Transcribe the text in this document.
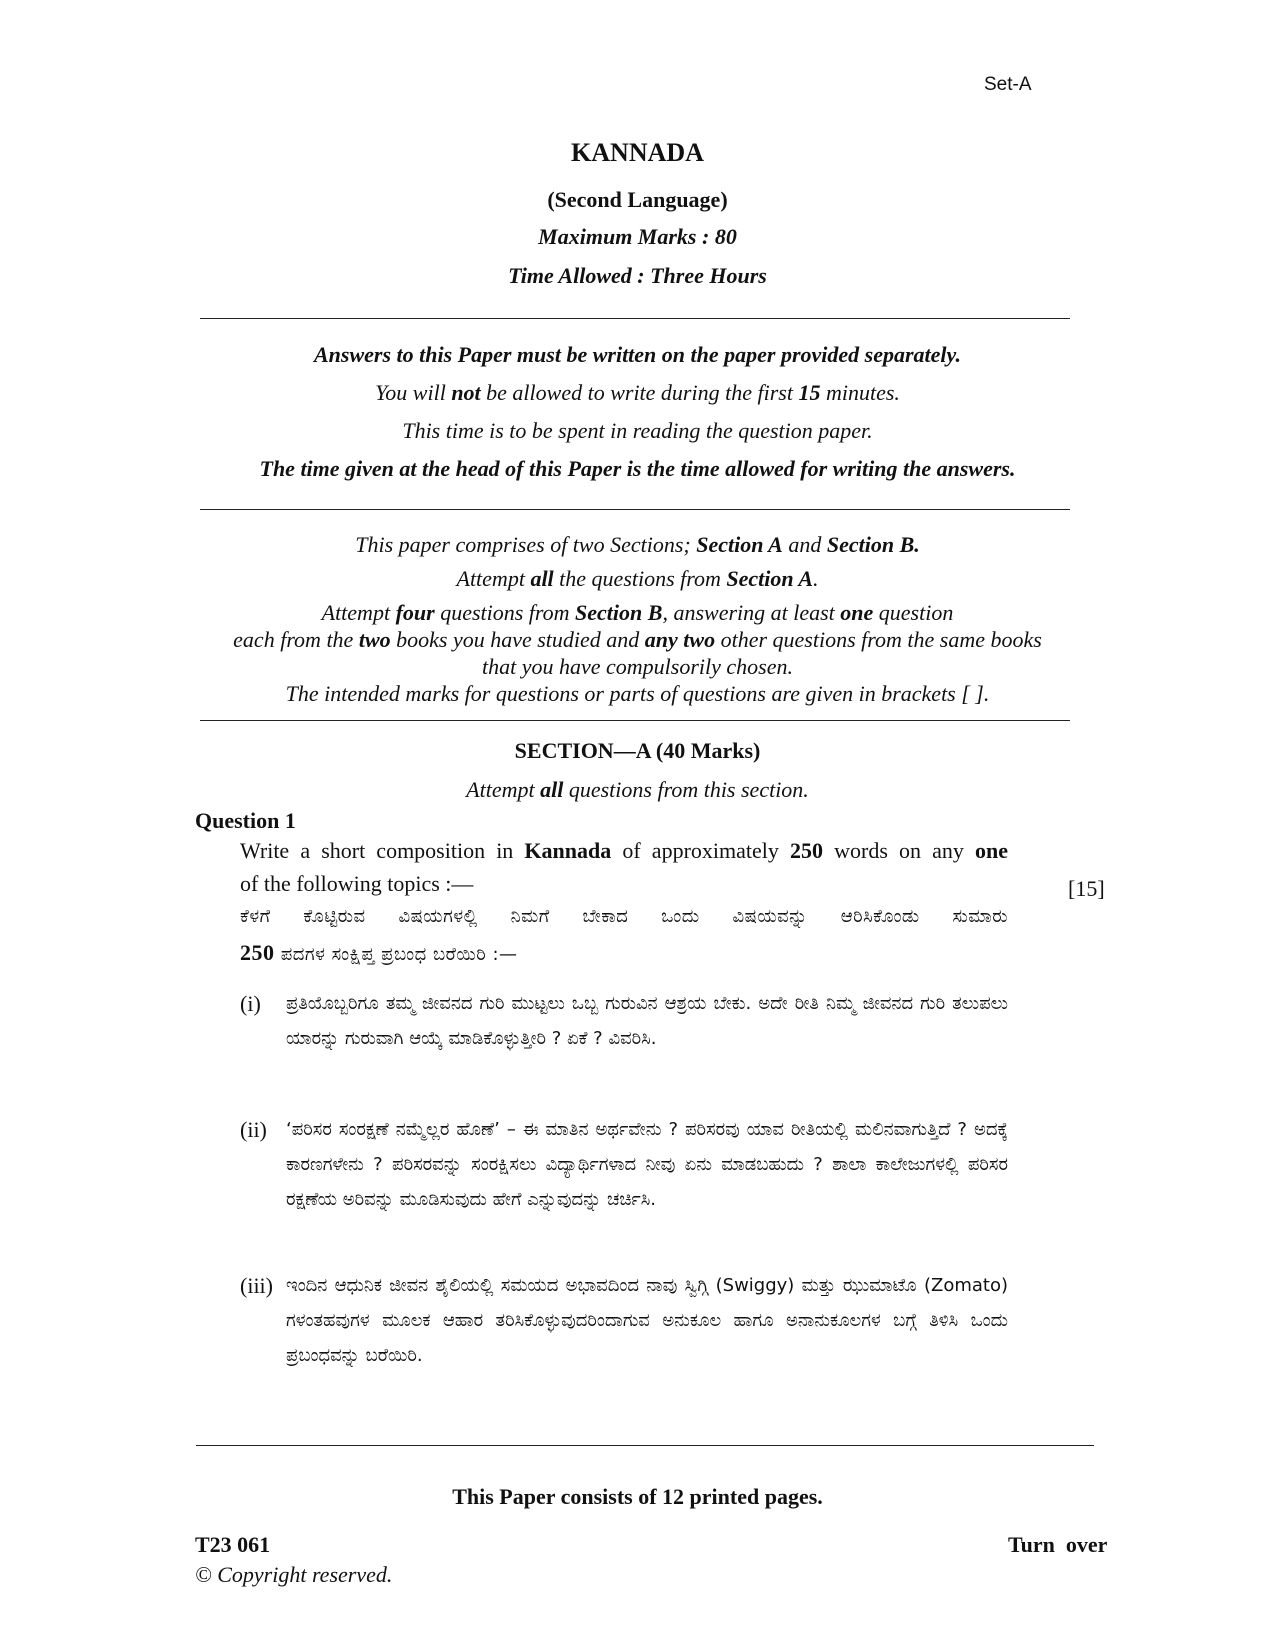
Set-A
KANNADA
(Second Language)
Maximum Marks : 80
Time Allowed : Three Hours
Answers to this Paper must be written on the paper provided separately.
You will not be allowed to write during the first 15 minutes.
This time is to be spent in reading the question paper.
The time given at the head of this Paper is the time allowed for writing the answers.
This paper comprises of two Sections; Section A and Section B.
Attempt all the questions from Section A.
Attempt four questions from Section B, answering at least one question
each from the two books you have studied and any two other questions from the same books
that you have compulsorily chosen.
The intended marks for questions or parts of questions are given in brackets [ ].
SECTION—A (40 Marks)
Attempt all questions from this section.
Question 1
Write a short composition in Kannada of approximately 250 words on any one
of the following topics :—	[15]
ಕೆಳಗೆ ಕೊಟ್ಟಿರುವ ವಿಷಯಗಳಲ್ಲಿ ನಿಮಗೆ ಬೇಕಾದ ಒಂದು ವಿಷಯವನ್ನು ಆರಿಸಿಕೊಂಡು ಸುಮಾರು
250 ಪದಗಳ ಸಂಕ್ಷಿಪ್ತ ಪ್ರಬಂಧ ಬರೆಯಿರಿ :—
(i) ಪ್ರತಿಯೊಬ್ಬರಿಗೂ ತಮ್ಮ ಜೀವನದ ಗುರಿ ಮುಟ್ಟಲು ಒಬ್ಬ ಗುರುವಿನ ಆಶ್ರಯ ಬೇಕು. ಅದೇ ರೀತಿ ನಿಮ್ಮ ಜೀವನದ ಗುರಿ ತಲುಪಲು ಯಾರನ್ನು ಗುರುವಾಗಿ ಆಯ್ಕೆ ಮಾಡಿಕೊಳ್ಳುತ್ತೀರಿ ? ಏಕೆ ? ವಿವರಿಸಿ.
(ii) ‘ಪರಿಸರ ಸಂರಕ್ಷಣೆ ನಮ್ಮೆಲ್ಲರ ಹೊಣೆ’ – ಈ ಮಾತಿನ ಅರ್ಥವೇನು ? ಪರಿಸರವು ಯಾವ ರೀತಿಯಲ್ಲಿ ಮಲಿನವಾಗುತ್ತಿದೆ ? ಅದಕ್ಕೆ ಕಾರಣಗಳೇನು ? ಪರಿಸರವನ್ನು ಸಂರಕ್ಷಿಸಲು ವಿದ್ಯಾರ್ಥಿಗಳಾದ ನೀವು ಏನು ಮಾಡಬಹುದು ? ಶಾಲಾ ಕಾಲೇಜುಗಳಲ್ಲಿ ಪರಿಸರ ರಕ್ಷಣೆಯ ಅರಿವನ್ನು ಮೂಡಿಸುವುದು ಹೇಗೆ ಎನ್ನುವುದನ್ನು ಚರ್ಚಿಸಿ.
(iii) ಇಂದಿನ ಆಧುನಿಕ ಜೀವನ ಶೈಲಿಯಲ್ಲಿ ಸಮಯದ ಅಭಾವದಿಂದ ನಾವು ಸ್ವಿಗ್ಗಿ (Swiggy) ಮತ್ತು ಝುಮಾಟೊ (Zomato) ಗಳಂತಹವುಗಳ ಮೂಲಕ ಆಹಾರ ತರಿಸಿಕೊಳ್ಳುವುದರಿಂದಾಗುವ ಅನುಕೂಲ ಹಾಗೂ ಅನಾನುಕೂಲಗಳ ಬಗ್ಗೆ ತಿಳಿಸಿ ಒಂದು ಪ್ರಬಂಧವನ್ನು ಬರೆಯಿರಿ.
This Paper consists of 12 printed pages.
T23 061	Turn  over
© Copyright reserved.
